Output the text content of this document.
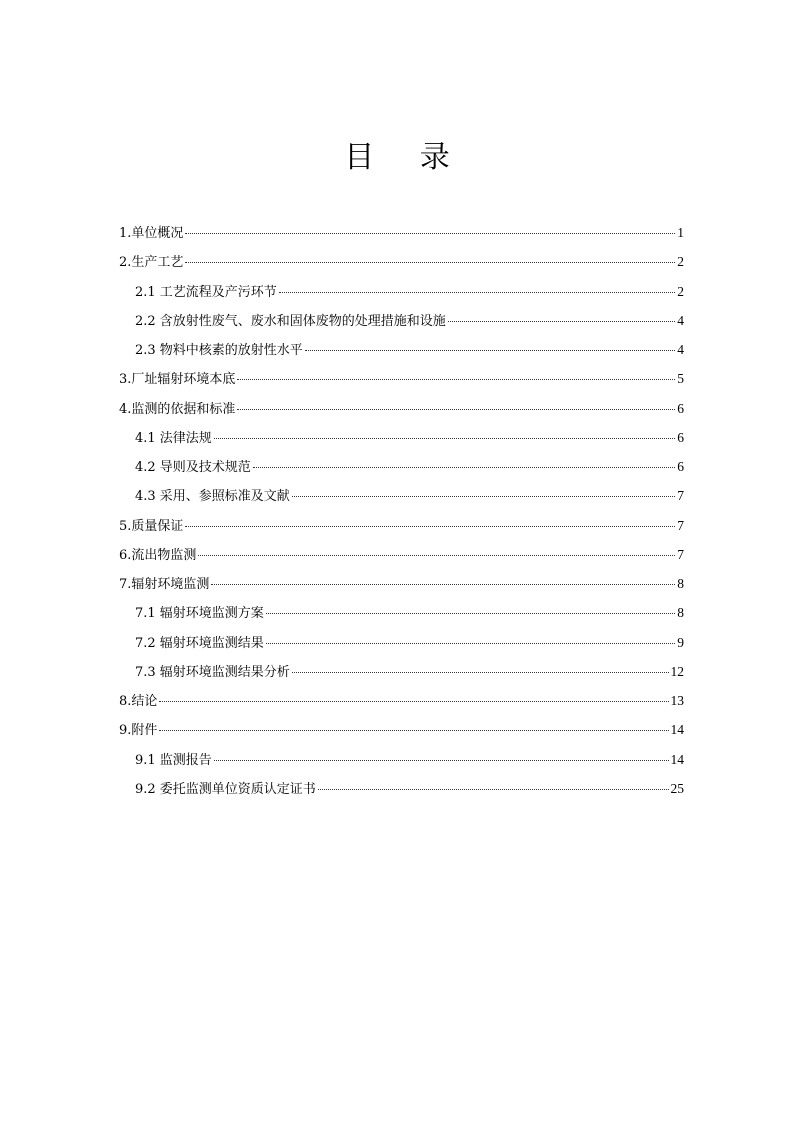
目 录
1.单位概况	1
2.生产工艺	2
2.1 工艺流程及产污环节	2
2.2 含放射性废气、废水和固体废物的处理措施和设施	4
2.3 物料中核素的放射性水平	4
3.厂址辐射环境本底	5
4.监测的依据和标准	6
4.1 法律法规	6
4.2 导则及技术规范	6
4.3 采用、参照标准及文献	7
5.质量保证	7
6.流出物监测	7
7.辐射环境监测	8
7.1 辐射环境监测方案	8
7.2 辐射环境监测结果	9
7.3 辐射环境监测结果分析	12
8.结论	13
9.附件	14
9.1 监测报告	14
9.2 委托监测单位资质认定证书	25
